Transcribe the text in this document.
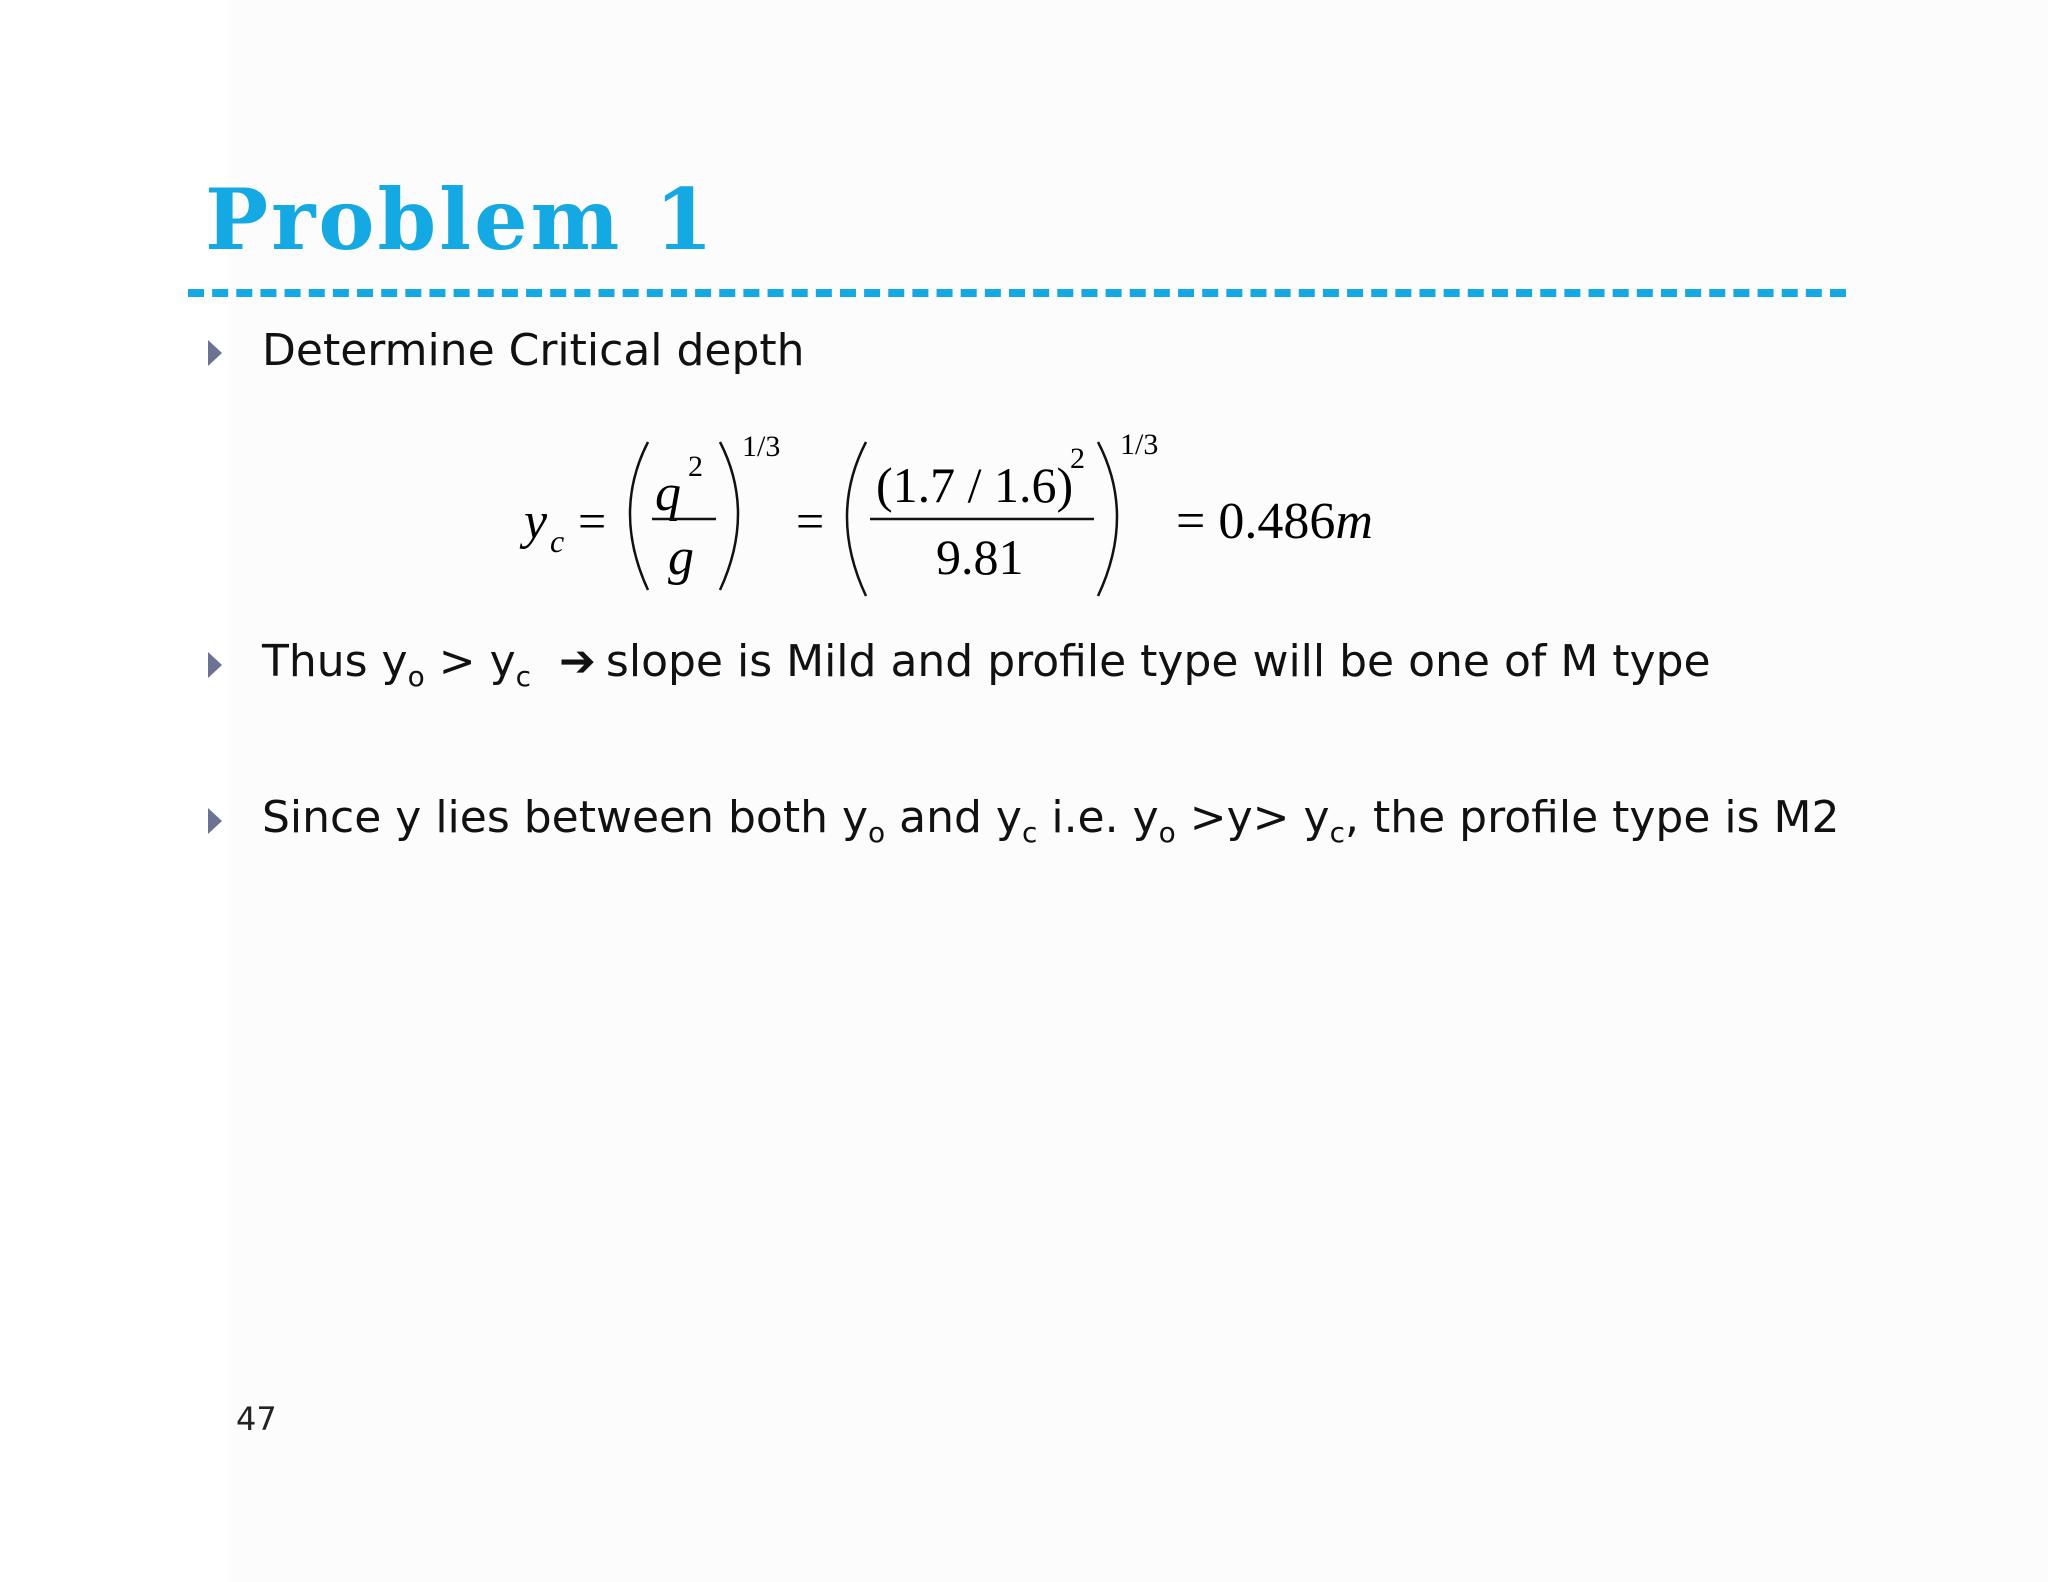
Problem 1
Determine Critical depth
y c = q 2
g
1/3
=
(1.7 / 1.6)
2
9.81
1/3
= 0.486m
Thus $y_o > y_c$ ➔ slope is Mild and profile type will be one of M type
Since y lies between both $y_o$ and $y_c$ i.e. $y_o >y> y_c$, the profile type is M2
47
